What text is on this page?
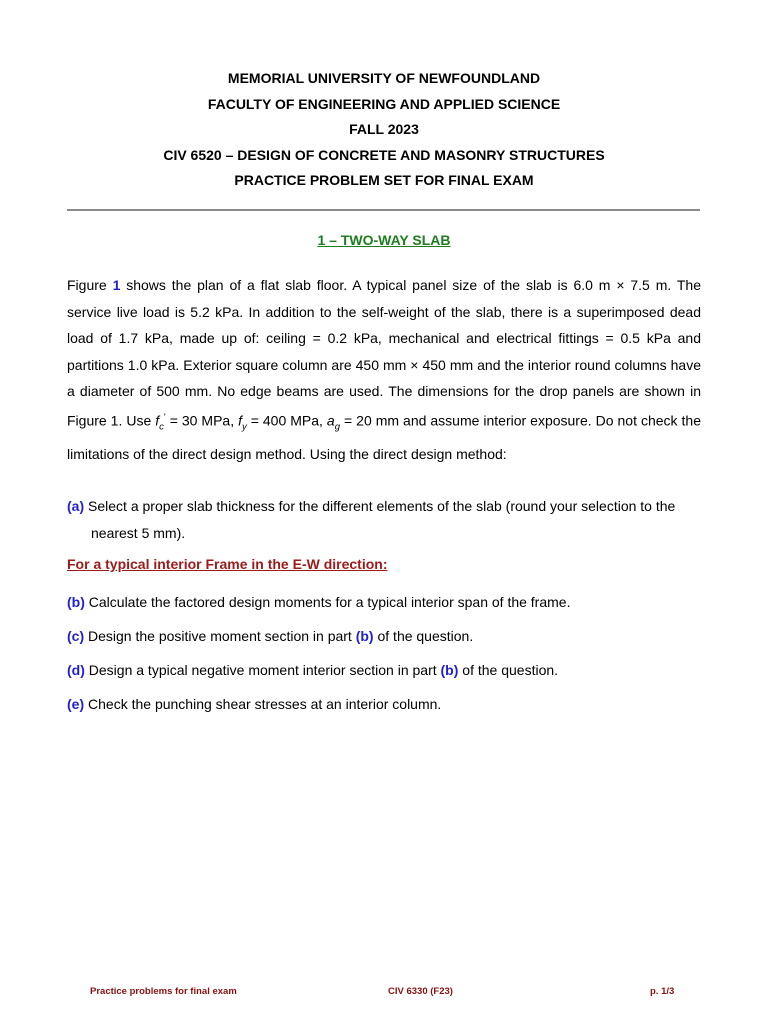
MEMORIAL UNIVERSITY OF NEWFOUNDLAND
FACULTY OF ENGINEERING AND APPLIED SCIENCE
FALL 2023
CIV 6520 – DESIGN OF CONCRETE AND MASONRY STRUCTURES
PRACTICE PROBLEM SET FOR FINAL EXAM
1 – TWO-WAY SLAB
Figure 1 shows the plan of a flat slab floor. A typical panel size of the slab is 6.0 m × 7.5 m. The service live load is 5.2 kPa. In addition to the self-weight of the slab, there is a superimposed dead load of 1.7 kPa, made up of: ceiling = 0.2 kPa, mechanical and electrical fittings = 0.5 kPa and partitions 1.0 kPa. Exterior square column are 450 mm × 450 mm and the interior round columns have a diameter of 500 mm. No edge beams are used. The dimensions for the drop panels are shown in Figure 1. Use $f_c' = 30$ MPa, $f_y = 400$ MPa, $a_g = 20$ mm and assume interior exposure. Do not check the limitations of the direct design method. Using the direct design method:
(a) Select a proper slab thickness for the different elements of the slab (round your selection to the nearest 5 mm).
For a typical interior Frame in the E-W direction:
(b) Calculate the factored design moments for a typical interior span of the frame.
(c) Design the positive moment section in part (b) of the question.
(d) Design a typical negative moment interior section in part (b) of the question.
(e) Check the punching shear stresses at an interior column.
Practice problems for final exam	CIV 6330 (F23)	p. 1/3
